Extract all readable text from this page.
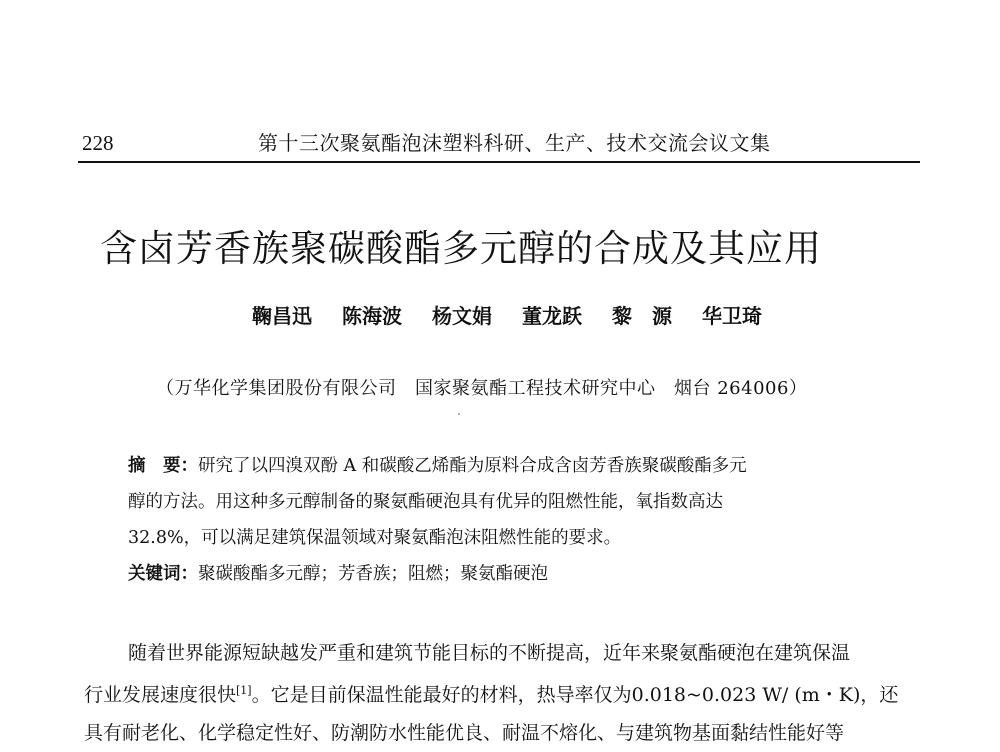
228	第十三次聚氨酯泡沫塑料科研、生产、技术交流会议文集
含卤芳香族聚碳酸酯多元醇的合成及其应用
鞠昌迅 陈海波 杨文娟 董龙跃 黎　源 华卫琦
（万华化学集团股份有限公司　国家聚氨酯工程技术研究中心　烟台 264006）
摘　要：研究了以四溴双酚 A 和碳酸乙烯酯为原料合成含卤芳香族聚碳酸酯多元
醇的方法。用这种多元醇制备的聚氨酯硬泡具有优异的阻燃性能，氧指数高达
32.8%，可以满足建筑保温领域对聚氨酯泡沫阻燃性能的要求。
关键词：聚碳酸酯多元醇；芳香族；阻燃；聚氨酯硬泡
随着世界能源短缺越发严重和建筑节能目标的不断提高，近年来聚氨酯硬泡在建筑保温
行业发展速度很快[1]。它是目前保温性能最好的材料，热导率仅为0.018~0.023 W/ (m・K)，还
具有耐老化、化学稳定性好、防潮防水性能优良、耐温不熔化、与建筑物基面黏结性能好等
